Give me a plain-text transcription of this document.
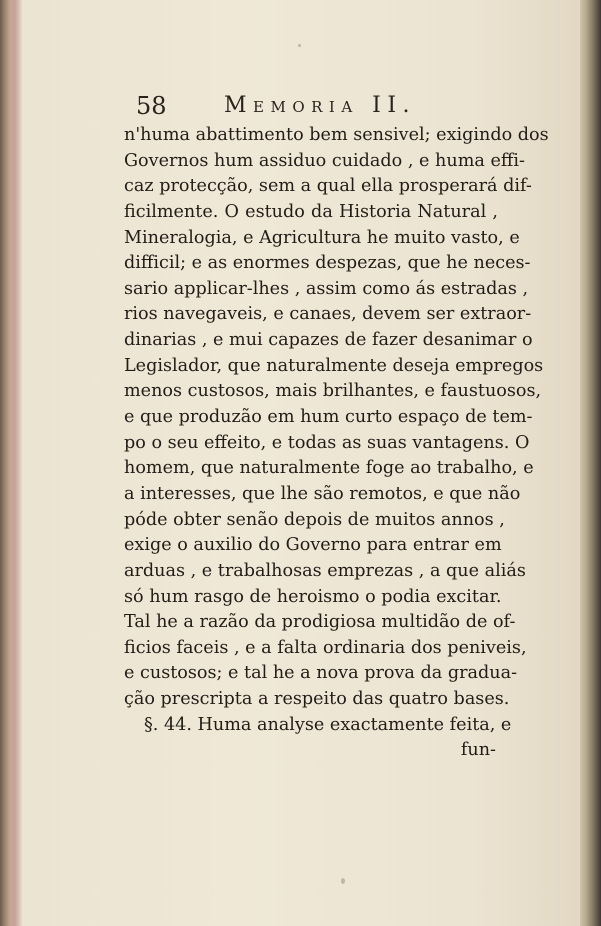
58	Memoria II.
n'huma abattimento bem sensivel; exigindo dos
Governos hum assiduo cuidado , e huma effi-
caz protecção, sem a qual ella prosperará dif-
ficilmente. O estudo da Historia Natural ,
Mineralogia, e Agricultura he muito vasto, e
difficil; e as enormes despezas, que he neces-
sario applicar-lhes , assim como ás estradas ,
rios navegaveis, e canaes, devem ser extraor-
dinarias , e mui capazes de fazer desanimar o
Legislador, que naturalmente deseja empregos
menos custosos, mais brilhantes, e faustuosos,
e que produzão em hum curto espaço de tem-
po o seu effeito, e todas as suas vantagens. O
homem, que naturalmente foge ao trabalho, e
a interesses, que lhe são remotos, e que não
póde obter senão depois de muitos annos ,
exige o auxilio do Governo para entrar em
arduas , e trabalhosas emprezas , a que aliás
só hum rasgo de heroismo o podia excitar.
Tal he a razão da prodigiosa multidão de of-
ficios faceis , e a falta ordinaria dos peniveis,
e custosos; e tal he a nova prova da gradua-
ção prescripta a respeito das quatro bases.
§. 44. Huma analyse exactamente feita, e
fun-
